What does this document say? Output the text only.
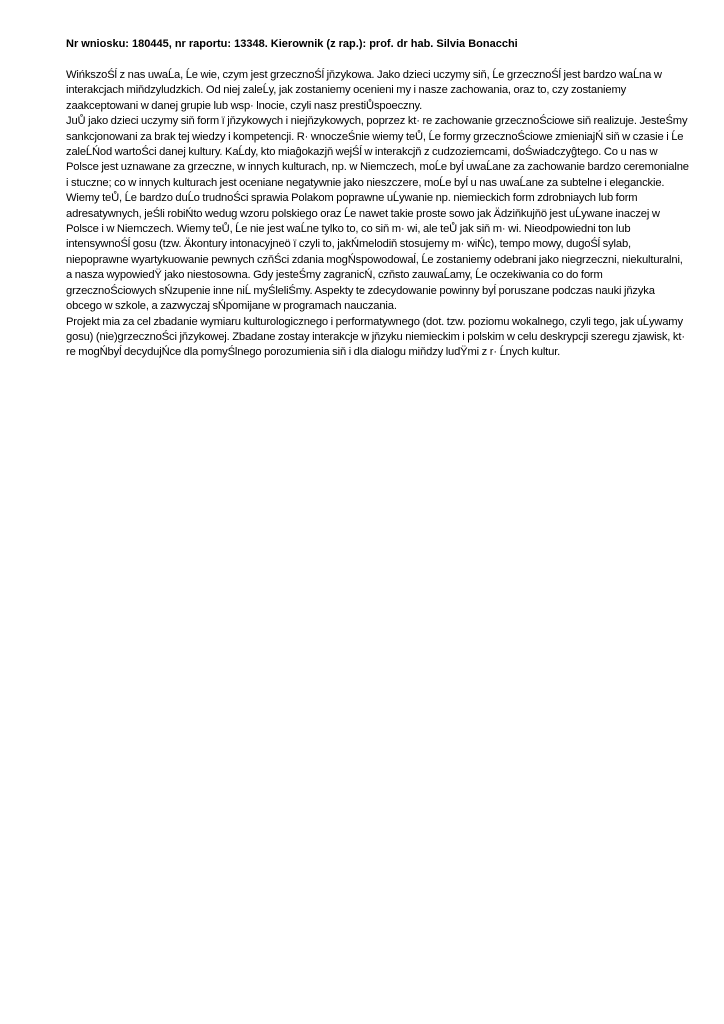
Nr wniosku: 180445, nr raportu: 13348. Kierownik (z rap.): prof. dr hab. Silvia Bonacchi

WińkszoŚĺ z nas uwaĹa, Ĺe wie, czym jest grzecznoŚĺ jňzykowa. Jako dzieci uczymy siň, Ĺe grzecznoŚĺ jest bardzo waĹna w interakcjach miňdzyludzkich. Od niej zaleĹy, jak zostaniemy ocenieni my i nasze zachowania, oraz to, czy zostaniemy zaakceptowani w danej grupie lub wsp· lnocie, czyli nasz prestiŮspoeczny.

JuŮ jako dzieci uczymy siň form ï jňzykowych i niejňzykowych, poprzez kt· re zachowanie grzecznoŚciowe siň realizuje. JesteŚmy sankcjonowani za brak tej wiedzy i kompetencji. R· wnoczeŚnie wiemy teŮ, Ĺe formy grzecznoŚciowe zmieniajŃ siň w czasie i Ĺe zaleĹŃod wartoŚci danej kultury. KaĹdy, kto miaĝokazjň wejŚĺ w interakcjň z cudzoziemcami, doŚwiadczyĝtego. Co u nas w Polsce jest uznawane za grzeczne, w innych kulturach, np. w Niemczech, moĹe byĺ uwaĹane za zachowanie bardzo ceremonialne i stuczne; co w innych kulturach jest oceniane negatywnie jako nieszczere, moĹe byĺ u nas uwaĹane za subtelne i eleganckie. Wiemy teŮ, Ĺe bardzo duĹo trudnoŚci sprawia Polakom poprawne uĹywanie np. niemieckich form zdrobniaych lub form adresatywnych, jeŚli robiŃto wedug wzoru polskiego oraz Ĺe nawet takie proste sowo jak Ädziňkujňö jest uĹywane inaczej w Polsce i w Niemczech. Wiemy teŮ, Ĺe nie jest waĹne tylko to, co siň m· wi, ale teŮ jak siň m· wi. Nieodpowiedni ton lub intensywnoŚĺ gosu (tzw. Äkontury intonacyjneö ï czyli to, jakŃmelodiň stosujemy m· wiŃc), tempo mowy, dugoŚĺ sylab, niepoprawne wyartykuowanie pewnych czňŚci zdania mogŃspowodowaĺ, Ĺe zostaniemy odebrani jako niegrzeczni, niekulturalni, a nasza wypowiedŸ jako niestosowna. Gdy jesteŚmy zagranicŃ, czňsto zauwaĹamy, Ĺe oczekiwania co do form grzecznoŚciowych sŃzupenie inne niĹ myŚleliŚmy. Aspekty te zdecydowanie powinny byĺ poruszane podczas nauki jňzyka obcego w szkole, a zazwyczaj sŃpomijane w programach nauczania.

Projekt mia za cel zbadanie wymiaru kulturologicznego i performatywnego (dot. tzw. poziomu wokalnego, czyli tego, jak uĹywamy gosu) (nie)grzecznoŚci jňzykowej. Zbadane zostay interakcje w jňzyku niemieckim i polskim w celu deskrypcji szeregu zjawisk, kt· re mogŃbyĺ decydujŃce dla pomyŚlnego porozumienia siň i dla dialogu miňdzy ludŸmi z r· Ĺnych kultur.
